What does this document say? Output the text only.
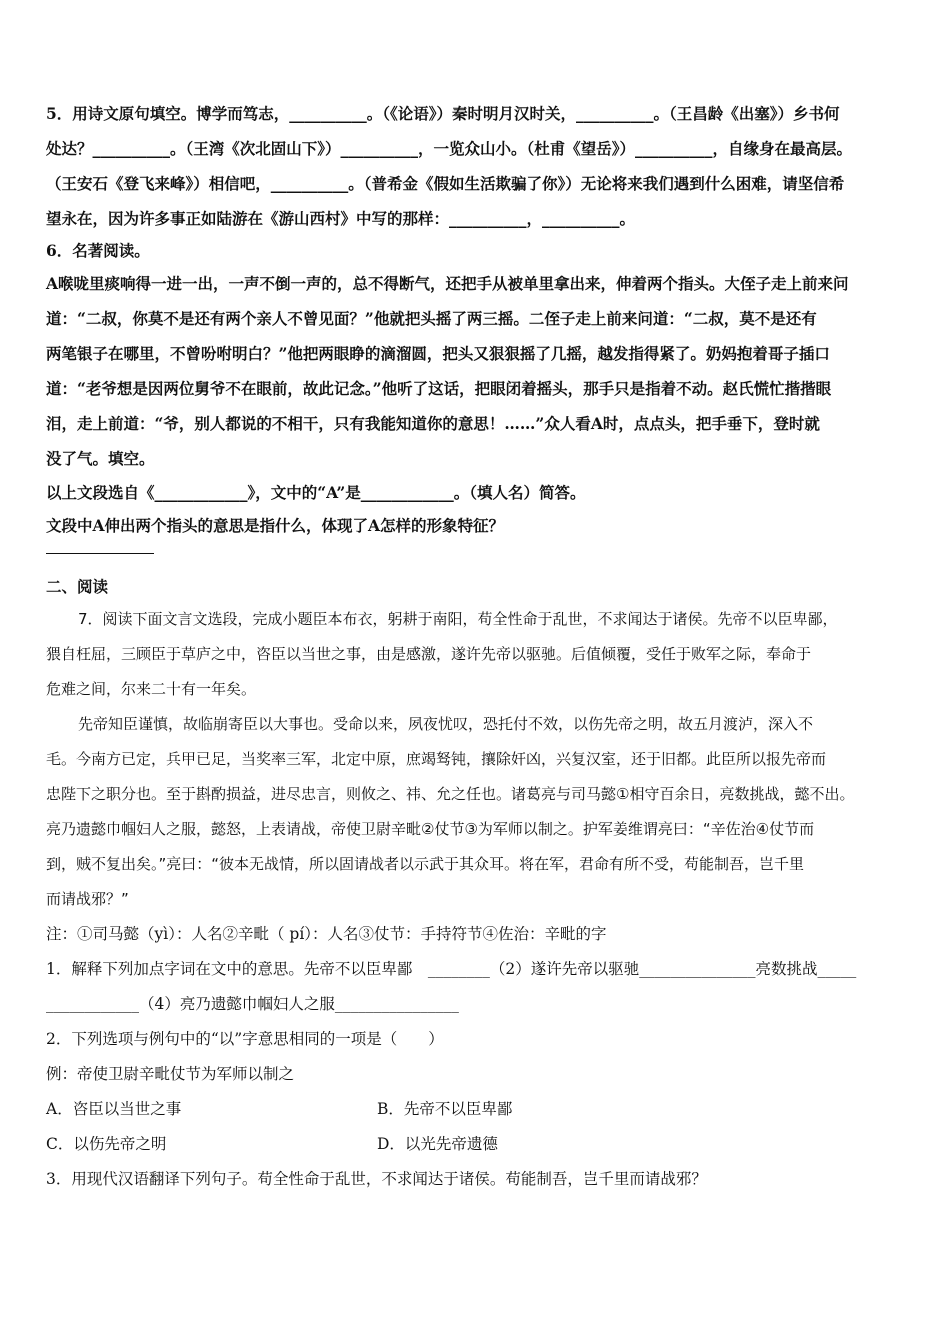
5．用诗文原句填空。博学而笃志，__________。（《论语》）秦时明月汉时关，__________。（王昌龄《出塞》）乡书何
处达？__________。（王湾《次北固山下》）__________，一览众山小。（杜甫《望岳》）__________，自缘身在最高层。
（王安石《登飞来峰》）相信吧，__________。（普希金《假如生活欺骗了你》）无论将来我们遇到什么困难，请坚信希
望永在，因为许多事正如陆游在《游山西村》中写的那样：__________，__________。
6．名著阅读。
A喉咙里痰响得一进一出，一声不倒一声的，总不得断气，还把手从被单里拿出来，伸着两个指头。大侄子走上前来问
道：“二叔，你莫不是还有两个亲人不曾见面？”他就把头摇了两三摇。二侄子走上前来问道：“二叔，莫不是还有
两笔银子在哪里，不曾吩咐明白？”他把两眼睁的滴溜圆，把头又狠狠摇了几摇，越发指得紧了。奶妈抱着哥子插口
道：“老爷想是因两位舅爷不在眼前，故此记念。”他听了这话，把眼闭着摇头，那手只是指着不动。赵氏慌忙揩揩眼
泪，走上前道：“爷，别人都说的不相干，只有我能知道你的意思！……”众人看A时，点点头，把手垂下，登时就
没了气。填空。
以上文段选自《____________》，文中的“A”是____________。（填人名）简答。
文段中A伸出两个指头的意思是指什么，体现了A怎样的形象特征？
二、阅读
7．阅读下面文言文选段，完成小题臣本布衣，躬耕于南阳，苟全性命于乱世，不求闻达于诸侯。先帝不以臣卑鄙，
猥自枉屈，三顾臣于草庐之中，咨臣以当世之事，由是感激，遂许先帝以驱驰。后值倾覆，受任于败军之际，奉命于
危难之间，尔来二十有一年矣。
先帝知臣谨慎，故临崩寄臣以大事也。受命以来，夙夜忧叹，恐托付不效，以伤先帝之明，故五月渡泸，深入不
毛。今南方已定，兵甲已足，当奖率三军，北定中原，庶竭驽钝，攘除奸凶，兴复汉室，还于旧都。此臣所以报先帝而
忠陛下之职分也。至于斟酌损益，进尽忠言，则攸之、祎、允之任也。诸葛亮与司马懿①相守百余日，亮数挑战，懿不出。
亮乃遗懿巾帼妇人之服，懿怒，上表请战，帝使卫尉辛毗②仗节③为军师以制之。护军姜维谓亮曰：“辛佐治④仗节而
到，贼不复出矣。”亮曰：“彼本无战情，所以固请战者以示武于其众耳。将在军，君命有所不受，苟能制吾，岂千里
而请战邪？”
注：①司马懿（yì）：人名②辛毗（ pí）：人名③仗节：手持符节④佐治：辛毗的字
1．解释下列加点字词在文中的意思。先帝不以臣卑鄙　________（2）遂许先帝以驱驰_______________亮数挑战_____
____________（4）亮乃遗懿巾帼妇人之服________________
2．下列选项与例句中的“以”字意思相同的一项是（　　）
例：帝使卫尉辛毗仗节为军师以制之
A．咨臣以当世之事	B．先帝不以臣卑鄙
C．以伤先帝之明	D．以光先帝遗德
3．用现代汉语翻译下列句子。苟全性命于乱世，不求闻达于诸侯。苟能制吾，岂千里而请战邪？
